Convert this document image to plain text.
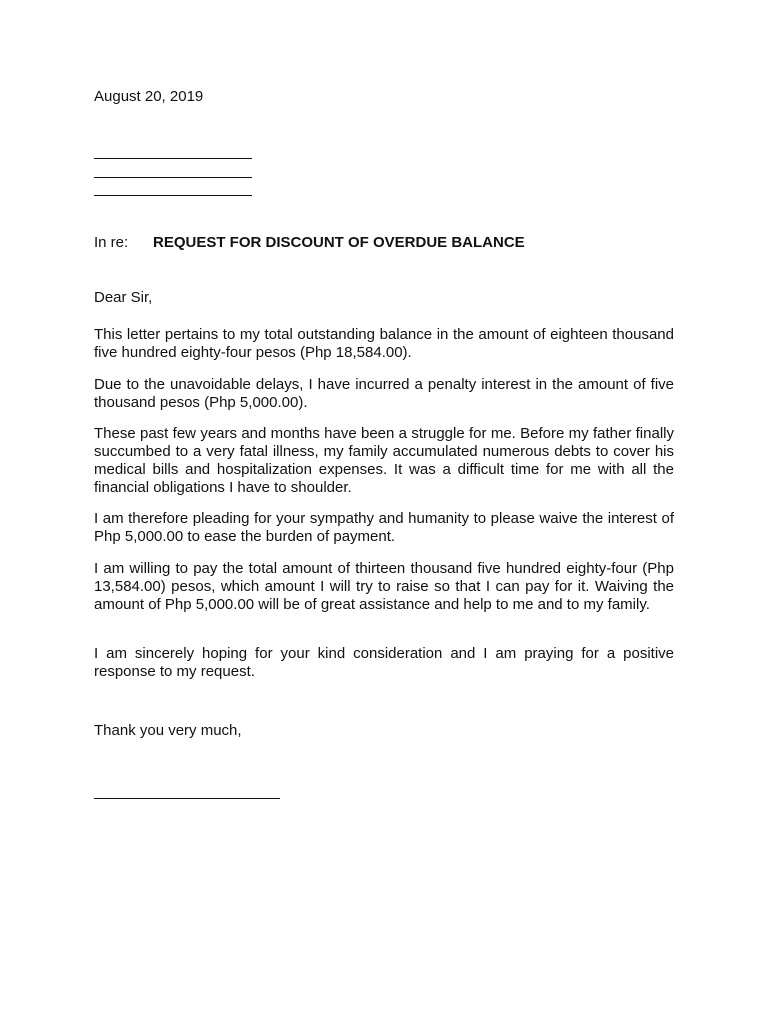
August 20, 2019
In re: REQUEST FOR DISCOUNT OF OVERDUE BALANCE
Dear Sir,

This letter pertains to my total outstanding balance in the amount of eighteen thousand five hundred eighty-four pesos (Php 18,584.00).

Due to the unavoidable delays, I have incurred a penalty interest in the amount of five thousand pesos (Php 5,000.00).

These past few years and months have been a struggle for me. Before my father finally succumbed to a very fatal illness, my family accumulated numerous debts to cover his medical bills and hospitalization expenses. It was a difficult time for me with all the financial obligations I have to shoulder.

I am therefore pleading for your sympathy and humanity to please waive the interest of Php 5,000.00 to ease the burden of payment.

I am willing to pay the total amount of thirteen thousand five hundred eighty-four (Php 13,584.00) pesos, which amount I will try to raise so that I can pay for it. Waiving the amount of Php 5,000.00 will be of great assistance and help to me and to my family.

I am sincerely hoping for your kind consideration and I am praying for a positive response to my request.

Thank you very much,
